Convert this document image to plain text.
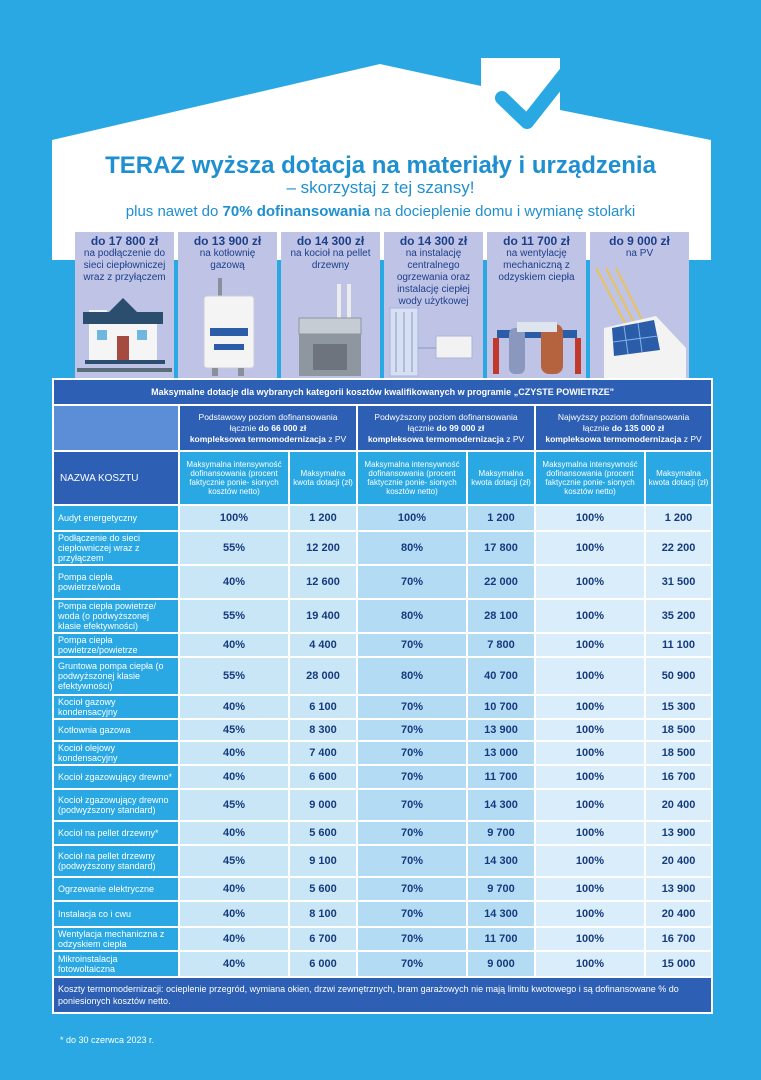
TERAZ wyższa dotacja na materiały i urządzenia
– skorzystaj z tej szansy!
plus nawet do 70% dofinansowania na docieplenie domu i wymianę stolarki
do 17 800 zł
na podłączenie do sieci ciepłowniczej wraz z przyłączem
do 13 900 zł
na kotłownię gazową
do 14 300 zł
na kocioł na pellet drzewny
do 14 300 zł
na instalację centralnego ogrzewania oraz instalację ciepłej wody użytkowej
do 11 700 zł
na wentylację mechaniczną z odzyskiem ciepła
do 9 000 zł
na PV
Maksymalne dotacje dla wybranych kategorii kosztów kwalifikowanych w programie „CZYSTE POWIETRZE"						
	Podstawowy poziom dofinansowania
łącznie do 66 000 zł
kompleksowa termomodernizacja z PV		Podwyższony poziom dofinansowania
łącznie do 99 000 zł
kompleksowa termomodernizacja z PV		Najwyższy poziom dofinansowania
łącznie do 135 000 zł
kompleksowa termomodernizacja z PV	
NAZWA KOSZTU	Maksymalna intensywność dofinansowania (procent faktycznie ponie- sionych kosztów netto)	Maksymalna kwota dotacji (zł)	Maksymalna intensywność dofinansowania (procent faktycznie ponie- sionych kosztów netto)	Maksymalna kwota dotacji (zł)	Maksymalna intensywność dofinansowania (procent faktycznie ponie- sionych kosztów netto)	Maksymalna kwota dotacji (zł)
Audyt energetyczny	100%	1 200	100%	1 200	100%	1 200
Podłączenie do sieci ciepłowniczej wraz z przyłączem	55%	12 200	80%	17 800	100%	22 200
Pompa ciepła powietrze/woda	40%	12 600	70%	22 000	100%	31 500
Pompa ciepła powietrze/ woda (o podwyższonej klasie efektywności)	55%	19 400	80%	28 100	100%	35 200
Pompa ciepła powietrze/powietrze	40%	4 400	70%	7 800	100%	11 100
Gruntowa pompa ciepła (o podwyższonej klasie efektywności)	55%	28 000	80%	40 700	100%	50 900
Kocioł gazowy kondensacyjny	40%	6 100	70%	10 700	100%	15 300
Kotłownia gazowa	45%	8 300	70%	13 900	100%	18 500
Kocioł olejowy kondensacyjny	40%	7 400	70%	13 000	100%	18 500
Kocioł zgazowujący drewno*	40%	6 600	70%	11 700	100%	16 700
Kocioł zgazowujący drewno (podwyższony standard)	45%	9 000	70%	14 300	100%	20 400
Kocioł na pellet drzewny*	40%	5 600	70%	9 700	100%	13 900
Kocioł na pellet drzewny (podwyższony standard)	45%	9 100	70%	14 300	100%	20 400
Ogrzewanie elektryczne	40%	5 600	70%	9 700	100%	13 900
Instalacja co i cwu	40%	8 100	70%	14 300	100%	20 400
Wentylacja mechaniczna z odzyskiem ciepła	40%	6 700	70%	11 700	100%	16 700
Mikroinstalacja fotowoltaiczna	40%	6 000	70%	9 000	100%	15 000
Koszty termomodernizacji: ocieplenie przegród, wymiana okien, drzwi zewnętrznych, bram garażowych nie mają limitu kwotowego i są dofinansowane % do poniesionych kosztów netto.						
* do 30 czerwca 2023 r.
